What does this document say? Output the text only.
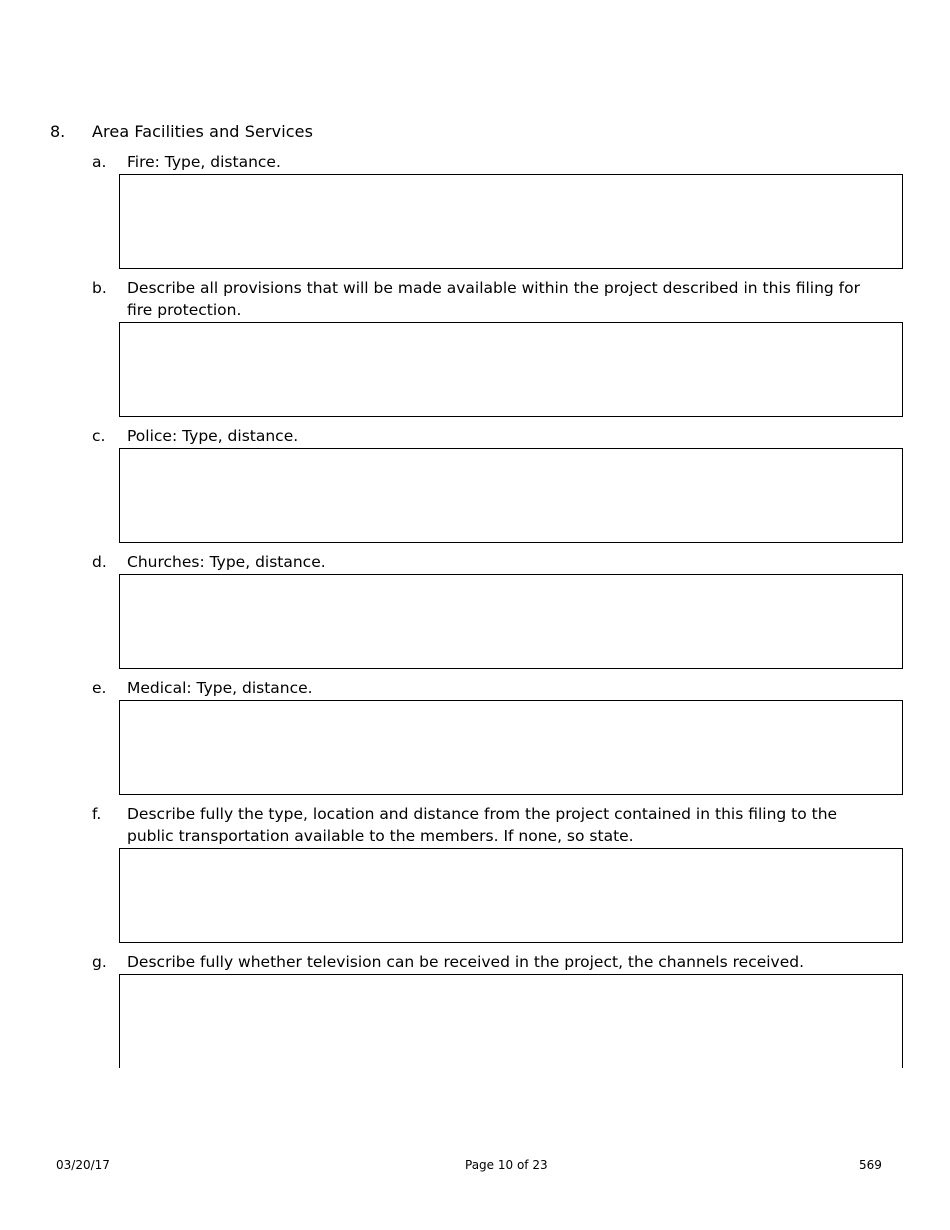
8. Area Facilities and Services
a. Fire: Type, distance.
b. Describe all provisions that will be made available within the project described in this filing for fire protection.
c. Police: Type, distance.
d. Churches: Type, distance.
e. Medical: Type, distance.
f. Describe fully the type, location and distance from the project contained in this filing to the public transportation available to the members. If none, so state.
g. Describe fully whether television can be received in the project, the channels received.
03/20/17	Page 10 of 23	569
